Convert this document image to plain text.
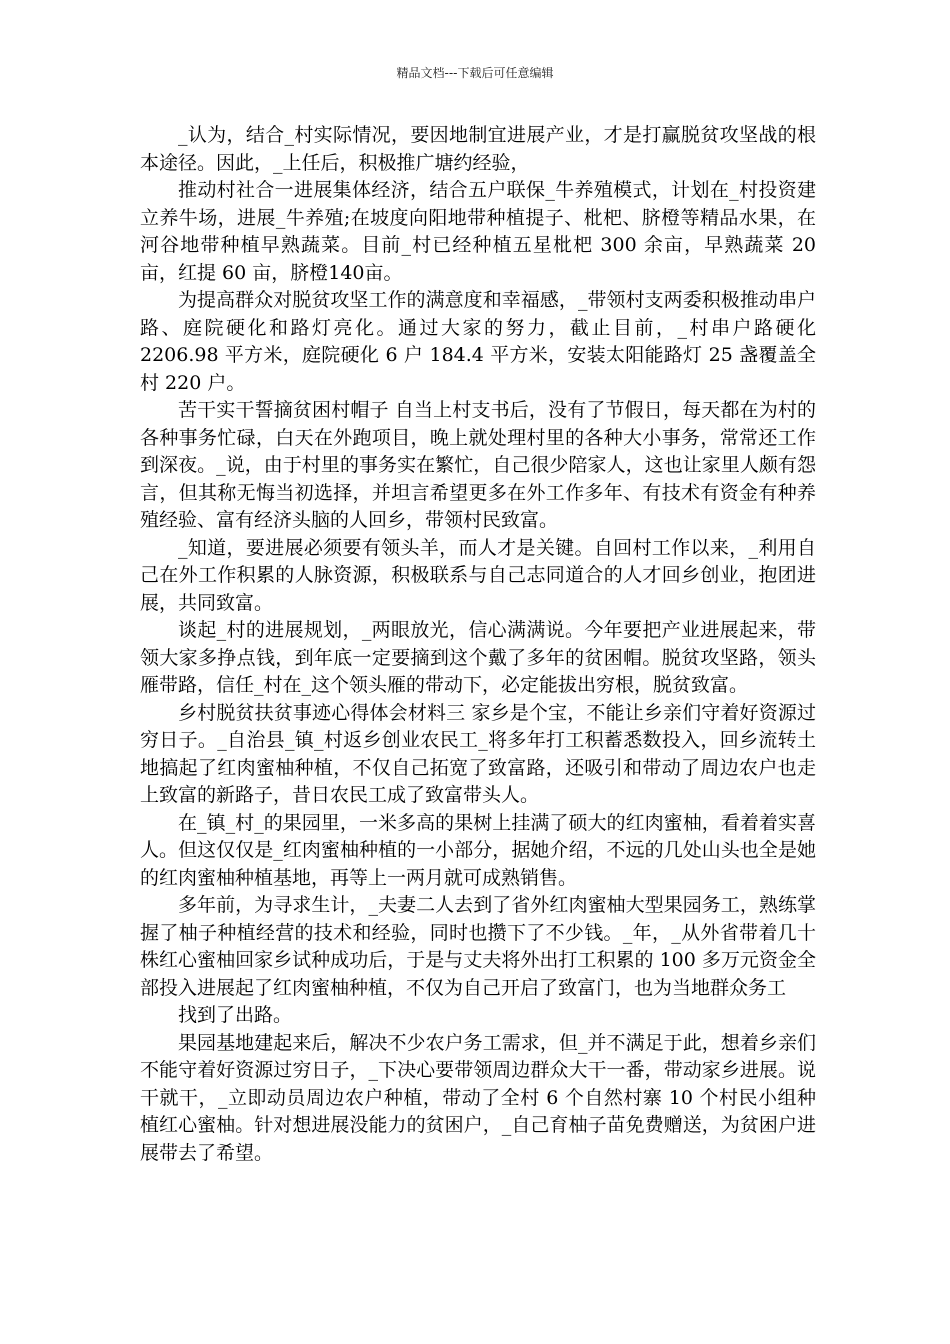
精品文档---下载后可任意编辑

_认为，结合_村实际情况，要因地制宜进展产业，才是打赢脱贫攻坚战的根本途径。因此，_上任后，积极推广塘约经验，

推动村社合一进展集体经济，结合五户联保_牛养殖模式，计划在_村投资建立养牛场，进展_牛养殖;在坡度向阳地带种植提子、枇杷、脐橙等精品水果，在河谷地带种植早熟蔬菜。目前_村已经种植五星枇杷 300 余亩，早熟蔬菜 20 亩，红提 60 亩，脐橙140亩。

为提高群众对脱贫攻坚工作的满意度和幸福感，_带领村支两委积极推动串户路、庭院硬化和路灯亮化。通过大家的努力，截止目前，_村串户路硬化 2206.98 平方米，庭院硬化 6 户 184.4 平方米，安装太阳能路灯 25 盏覆盖全村 220 户。

苦干实干誓摘贫困村帽子 自当上村支书后，没有了节假日，每天都在为村的各种事务忙碌，白天在外跑项目，晚上就处理村里的各种大小事务，常常还工作到深夜。_说，由于村里的事务实在繁忙，自己很少陪家人，这也让家里人颇有怨言，但其称无悔当初选择，并坦言希望更多在外工作多年、有技术有资金有种养殖经验、富有经济头脑的人回乡，带领村民致富。

_知道，要进展必须要有领头羊，而人才是关键。自回村工作以来，_利用自己在外工作积累的人脉资源，积极联系与自己志同道合的人才回乡创业，抱团进展，共同致富。

谈起_村的进展规划，_两眼放光，信心满满说。今年要把产业进展起来，带领大家多挣点钱，到年底一定要摘到这个戴了多年的贫困帽。脱贫攻坚路，领头雁带路，信任_村在_这个领头雁的带动下，必定能拔出穷根，脱贫致富。

乡村脱贫扶贫事迹心得体会材料三 家乡是个宝，不能让乡亲们守着好资源过穷日子。_自治县_镇_村返乡创业农民工_将多年打工积蓄悉数投入，回乡流转土地搞起了红肉蜜柚种植，不仅自己拓宽了致富路，还吸引和带动了周边农户也走上致富的新路子，昔日农民工成了致富带头人。

在_镇_村_的果园里，一米多高的果树上挂满了硕大的红肉蜜柚，看着着实喜人。但这仅仅是_红肉蜜柚种植的一小部分，据她介绍，不远的几处山头也全是她的红肉蜜柚种植基地，再等上一两月就可成熟销售。

多年前，为寻求生计，_夫妻二人去到了省外红肉蜜柚大型果园务工，熟练掌握了柚子种植经营的技术和经验，同时也攒下了不少钱。_年，_从外省带着几十株红心蜜柚回家乡试种成功后，于是与丈夫将外出打工积累的 100 多万元资金全部投入进展起了红肉蜜柚种植，不仅为自己开启了致富门，也为当地群众务工

找到了出路。

果园基地建起来后，解决不少农户务工需求，但_并不满足于此，想着乡亲们不能守着好资源过穷日子，_下决心要带领周边群众大干一番，带动家乡进展。说干就干，_立即动员周边农户种植，带动了全村 6 个自然村寨 10 个村民小组种植红心蜜柚。针对想进展没能力的贫困户，_自己育柚子苗免费赠送，为贫困户进展带去了希望。
